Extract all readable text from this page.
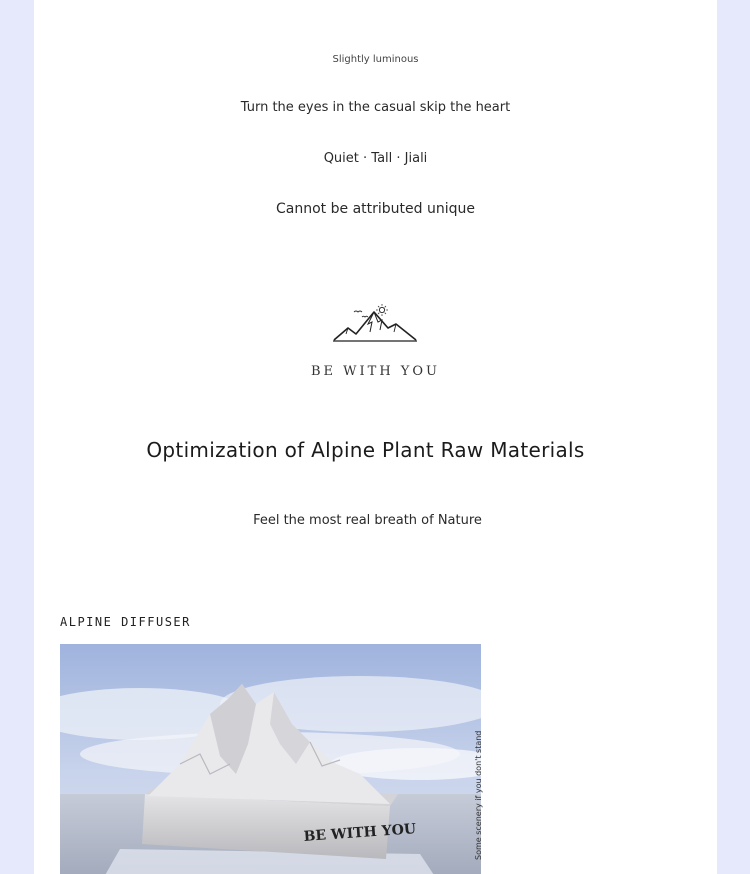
Slightly luminous
Turn the eyes in the casual skip the heart
Quiet · Tall · Jiali
Cannot be attributed unique
BE WITH YOU
Optimization of Alpine Plant Raw Materials
Feel the most real breath of Nature
ALPINE DIFFUSER
BE WITH YOU	Some scenery if you don't stand
